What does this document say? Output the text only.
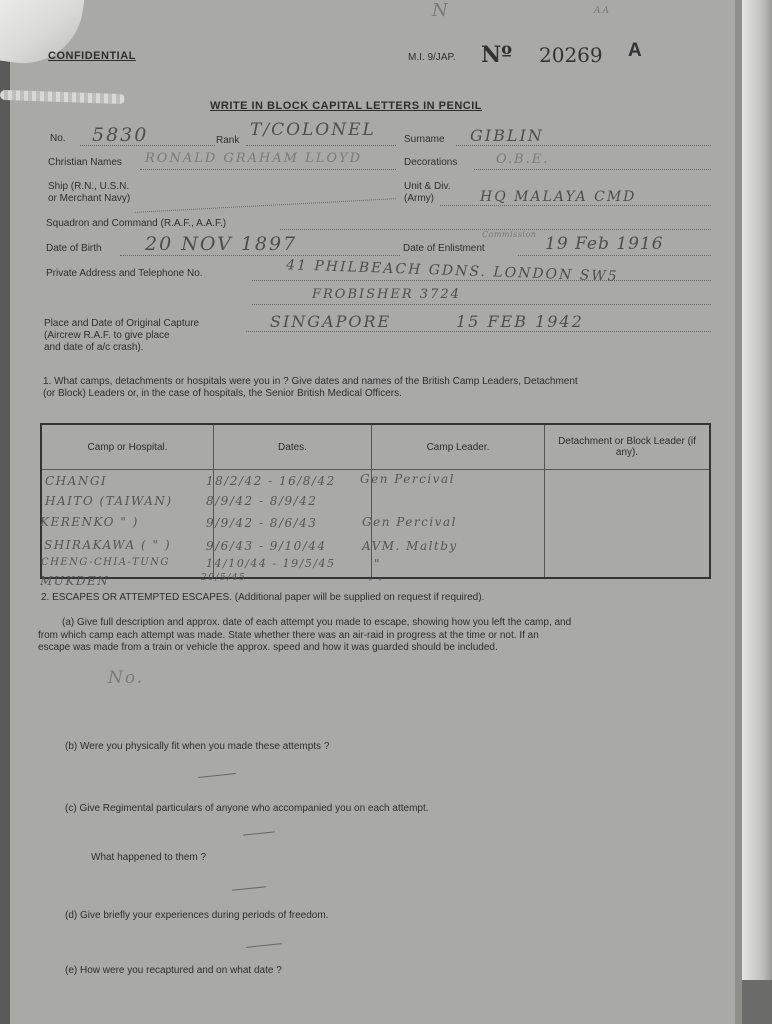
N	AA
CONFIDENTIAL	M.I. 9/JAP. Nº 20269 A
WRITE IN BLOCK CAPITAL LETTERS IN PENCIL
No. 5830	Rank
T/COLONEL	Surname GIBLIN
Christian Names RONALD GRAHAM LLOYD	Decorations	O.B.E.
Ship (R.N., U.S.N.
or Merchant Navy)
Unit & Div.
(Army)	HQ MALAYA CMD
Squadron and Command (R.A.F., A.A.F.)
Date of Birth 20 NOV 1897	Date of Enlistment
Commission 19 Feb 1916
Private Address and Telephone No.	41 PHILBEACH GDNS. LONDON SW5
FROBISHER 3724
Place and Date of Original Capture
(Aircrew R.A.F. to give place
and date of a/c crash).
SINGAPORE	15 FEB 1942
1. What camps, detachments or hospitals were you in ? Give dates and names of the British Camp Leaders, Detachment
(or Block) Leaders or, in the case of hospitals, the Senior British Medical Officers.
Camp or Hospital.	Dates.	Camp Leader.	Detachment or Block Leader (if any).

CHANGI	18/2/42 - 16/8/42 Gen Percival
HAITO (TAIWAN)	8/9/42 - 8/9/42
KERENKO " )	9/9/42 - 8/6/43	Gen Percival
SHIRAKAWA ( " )	9/6/43 - 9/10/44	AVM. Maltby
CHENG-CHIA-TUNG	14/10/44 - 19/5/45	"
MUKDEN	20/5/45	" "
2. ESCAPES OR ATTEMPTED ESCAPES. (Additional paper will be supplied on request if required).
(a) Give full description and approx. date of each attempt you made to escape, showing how you left the camp, and
from which camp each attempt was made. State whether there was an air-raid in progress at the time or not. If an
escape was made from a train or vehicle the approx. speed and how it was guarded should be included.
No.
(b) Were you physically fit when you made these attempts ?
(c) Give Regimental particulars of anyone who accompanied you on each attempt.
What happened to them ?
(d) Give briefly your experiences during periods of freedom.
(e) How were you recaptured and on what date ?
